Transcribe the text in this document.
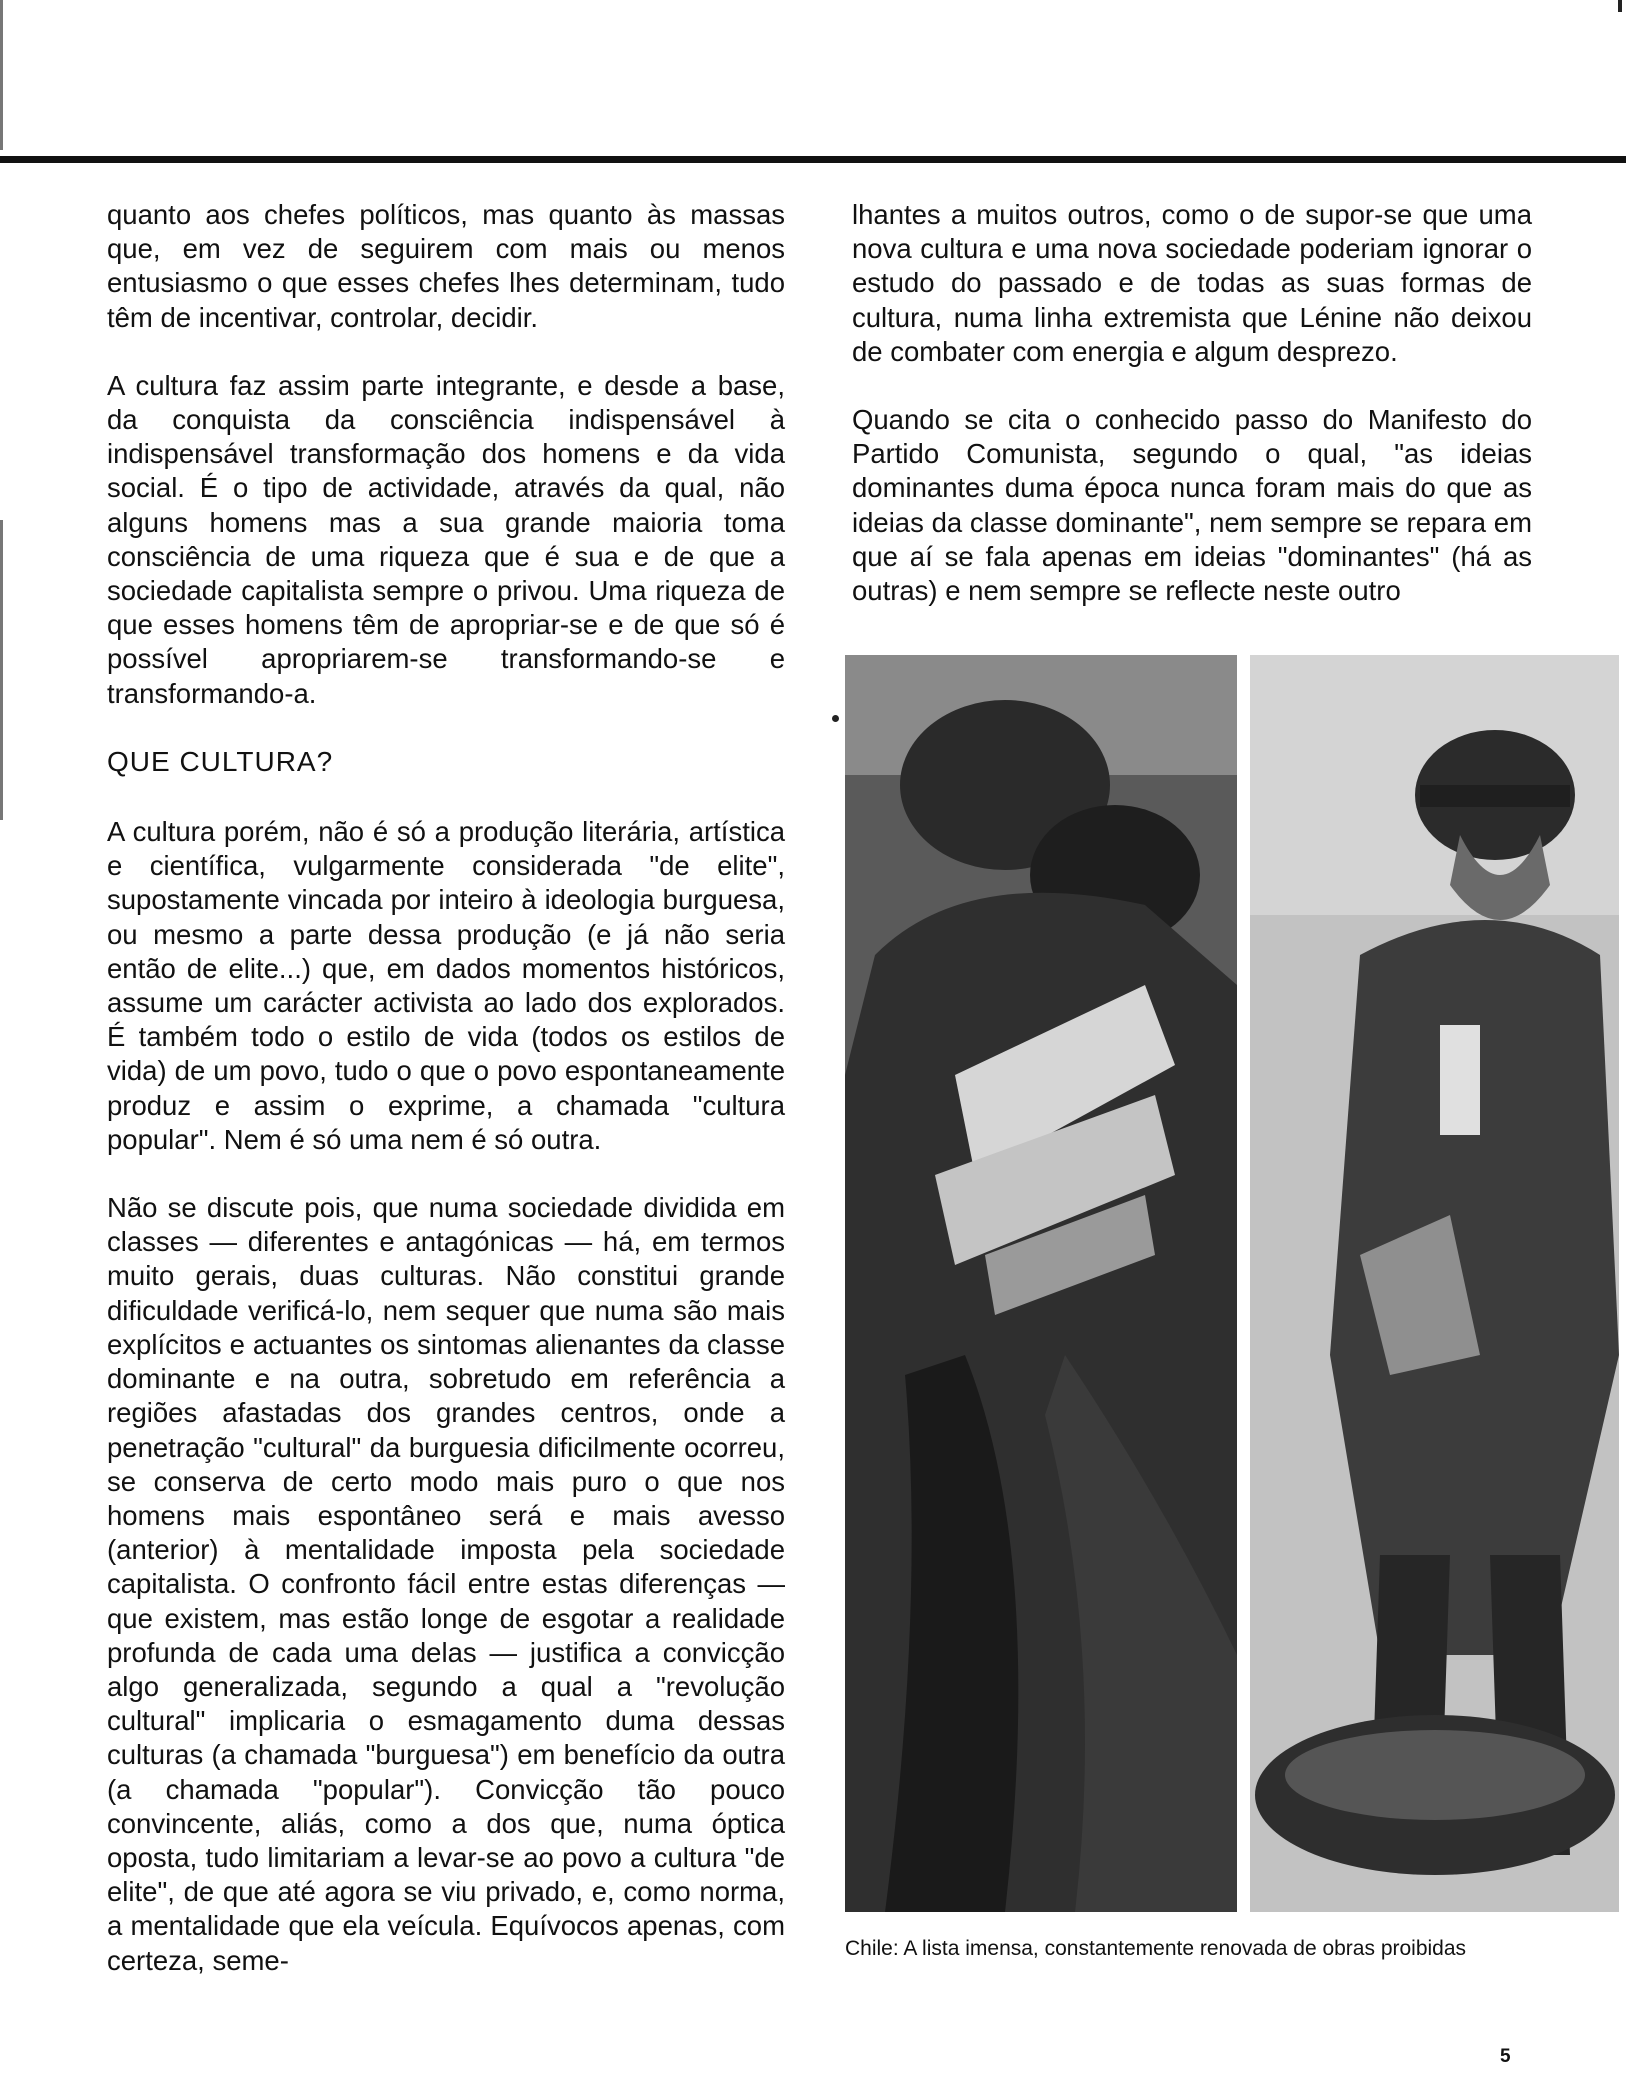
quanto aos chefes políticos, mas quanto às massas que, em vez de seguirem com mais ou menos entusiasmo o que esses chefes lhes determinam, tudo têm de incentivar, controlar, decidir.

A cultura faz assim parte integrante, e desde a base, da conquista da consciência indispensável à indispensável transformação dos homens e da vida social. É o tipo de actividade, através da qual, não alguns homens mas a sua grande maioria toma consciência de uma riqueza que é sua e de que a sociedade capitalista sempre o privou. Uma riqueza de que esses homens têm de apropriar-se e de que só é possível apropriarem-se transformando-se e transformando-a.

QUE CULTURA?

A cultura porém, não é só a produção literária, artística e científica, vulgarmente considerada "de elite", supostamente vincada por inteiro à ideologia burguesa, ou mesmo a parte dessa produção (e já não seria então de elite...) que, em dados momentos históricos, assume um carácter activista ao lado dos explorados. É também todo o estilo de vida (todos os estilos de vida) de um povo, tudo o que o povo espontaneamente produz e assim o exprime, a chamada "cultura popular". Nem é só uma nem é só outra.

Não se discute pois, que numa sociedade dividida em classes — diferentes e antagónicas — há, em termos muito gerais, duas culturas. Não constitui grande dificuldade verificá-lo, nem sequer que numa são mais explícitos e actuantes os sintomas alienantes da classe dominante e na outra, sobretudo em referência a regiões afastadas dos grandes centros, onde a penetração "cultural" da burguesia dificilmente ocorreu, se conserva de certo modo mais puro o que nos homens mais espontâneo será e mais avesso (anterior) à mentalidade imposta pela sociedade capitalista. O confronto fácil entre estas diferenças — que existem, mas estão longe de esgotar a realidade profunda de cada uma delas — justifica a convicção algo generalizada, segundo a qual a "revolução cultural" implicaria o esmagamento duma dessas culturas (a chamada "burguesa") em benefício da outra (a chamada "popular"). Convicção tão pouco convincente, aliás, como a dos que, numa óptica oposta, tudo limitariam a levar-se ao povo a cultura "de elite", de que até agora se viu privado, e, como norma, a mentalidade que ela veícula. Equívocos apenas, com certeza, seme-

lhantes a muitos outros, como o de supor-se que uma nova cultura e uma nova sociedade poderiam ignorar o estudo do passado e de todas as suas formas de cultura, numa linha extremista que Lénine não deixou de combater com energia e algum desprezo.

Quando se cita o conhecido passo do Manifesto do Partido Comunista, segundo o qual, "as ideias dominantes duma época nunca foram mais do que as ideias da classe dominante", nem sempre se repara em que aí se fala apenas em ideias "dominantes" (há as outras) e nem sempre se reflecte neste outro

Chile: A lista imensa, constantemente renovada de obras proibidas
5
